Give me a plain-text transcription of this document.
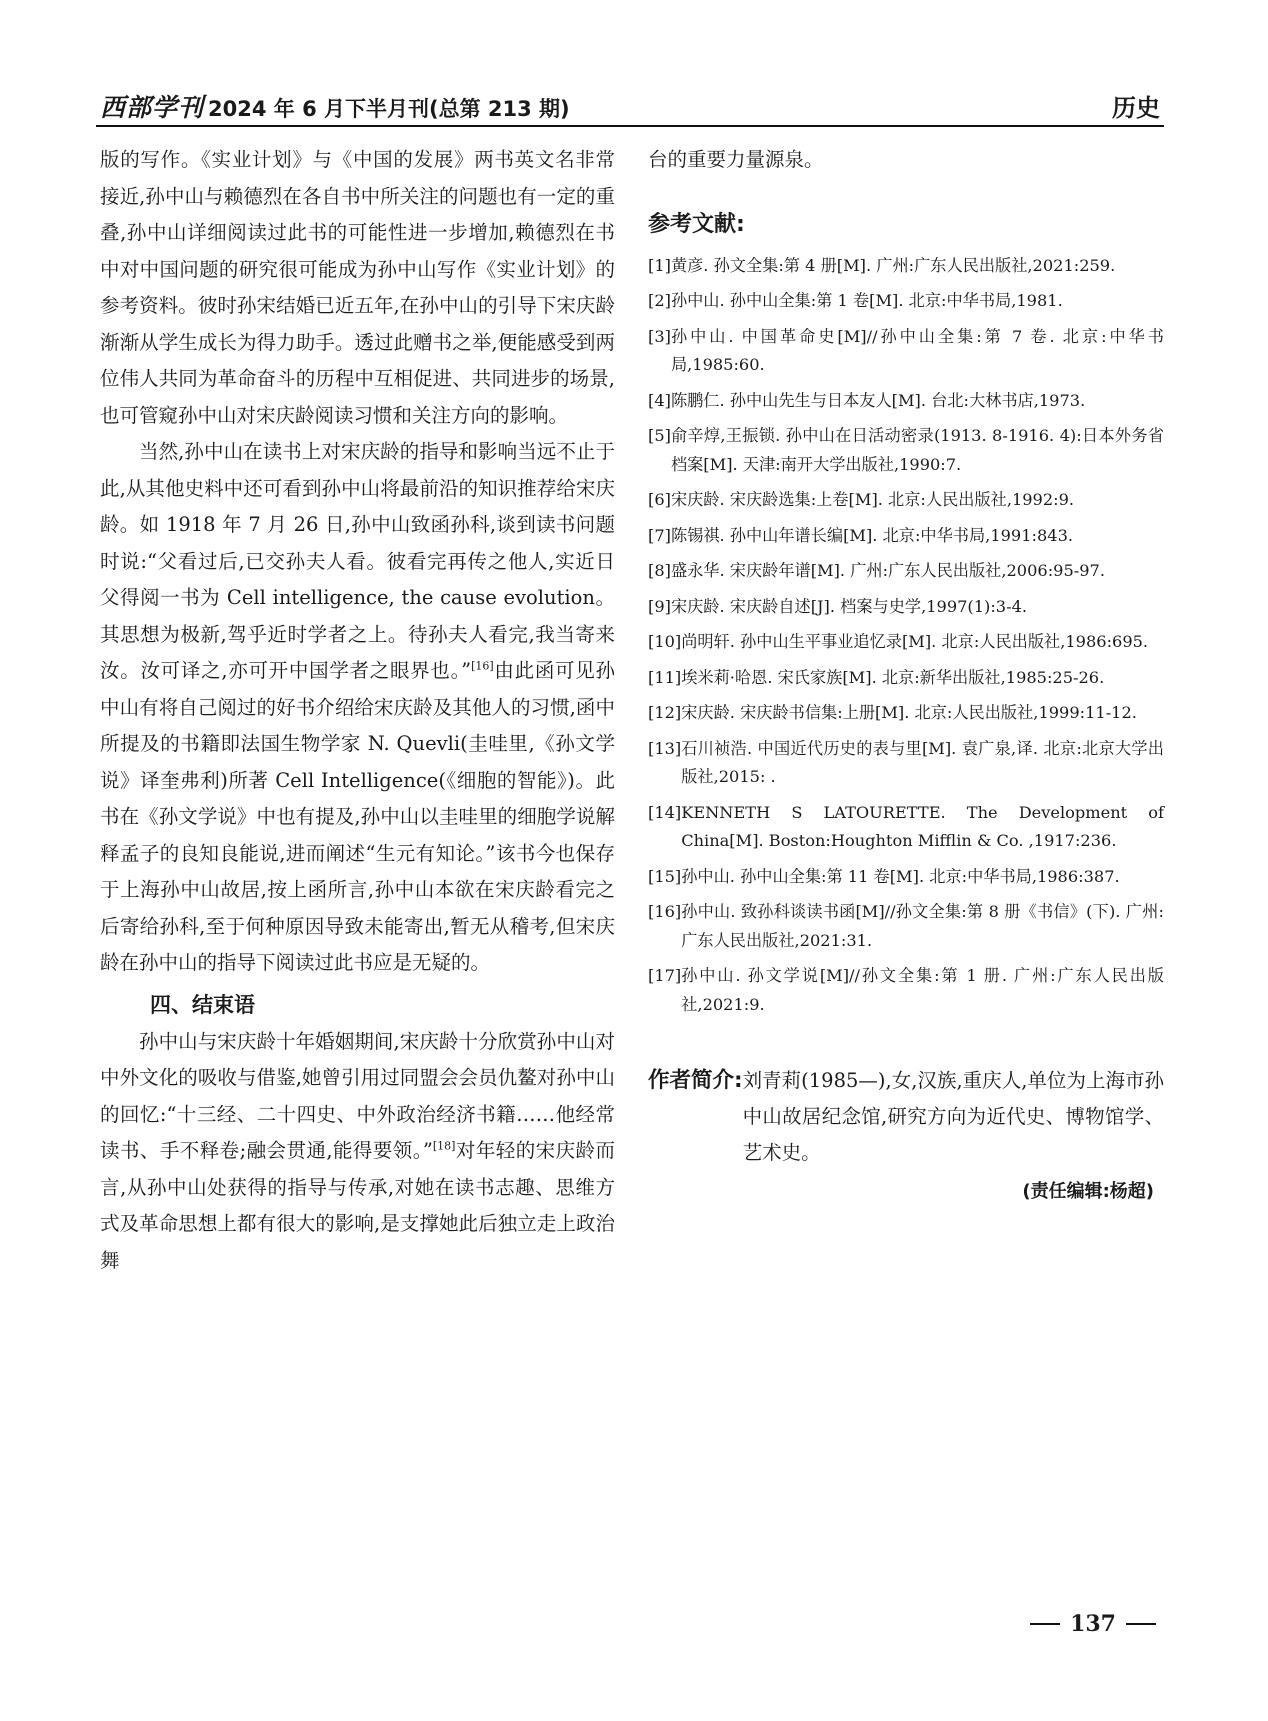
西部学刊 2024 年 6 月下半月刊(总第 213 期)	历史

版的写作。《实业计划》与《中国的发展》两书英文名非常接近,孙中山与赖德烈在各自书中所关注的问题也有一定的重叠,孙中山详细阅读过此书的可能性进一步增加,赖德烈在书中对中国问题的研究很可能成为孙中山写作《实业计划》的参考资料。彼时孙宋结婚已近五年,在孙中山的引导下宋庆龄渐渐从学生成长为得力助手。透过此赠书之举,便能感受到两位伟人共同为革命奋斗的历程中互相促进、共同进步的场景,也可管窥孙中山对宋庆龄阅读习惯和关注方向的影响。

当然,孙中山在读书上对宋庆龄的指导和影响当远不止于此,从其他史料中还可看到孙中山将最前沿的知识推荐给宋庆龄。如 1918 年 7 月 26 日,孙中山致函孙科,谈到读书问题时说:“父看过后,已交孙夫人看。彼看完再传之他人,实近日父得阅一书为 Cell intelligence, the cause evolution。其思想为极新,驾乎近时学者之上。待孙夫人看完,我当寄来汝。汝可译之,亦可开中国学者之眼界也。”[16]由此函可见孙中山有将自己阅过的好书介绍给宋庆龄及其他人的习惯,函中所提及的书籍即法国生物学家 N. Quevli(圭哇里,《孙文学说》译奎弗利)所著 Cell Intelligence(《细胞的智能》)。此书在《孙文学说》中也有提及,孙中山以圭哇里的细胞学说解释孟子的良知良能说,进而阐述“生元有知论。”该书今也保存于上海孙中山故居,按上函所言,孙中山本欲在宋庆龄看完之后寄给孙科,至于何种原因导致未能寄出,暂无从稽考,但宋庆龄在孙中山的指导下阅读过此书应是无疑的。

四、结束语

孙中山与宋庆龄十年婚姻期间,宋庆龄十分欣赏孙中山对中外文化的吸收与借鉴,她曾引用过同盟会会员仇鳌对孙中山的回忆:“十三经、二十四史、中外政治经济书籍……他经常读书、手不释卷;融会贯通,能得要领。”[18]对年轻的宋庆龄而言,从孙中山处获得的指导与传承,对她在读书志趣、思维方式及革命思想上都有很大的影响,是支撑她此后独立走上政治舞

台的重要力量源泉。

参考文献:
[1] 黄彦. 孙文全集:第 4 册[M]. 广州:广东人民出版社,2021:259.
[2] 孙中山. 孙中山全集:第 1 卷[M]. 北京:中华书局,1981.
[3] 孙中山. 中国革命史[M]//孙中山全集:第 7 卷. 北京:中华书局,1985:60.
[4] 陈鹏仁. 孙中山先生与日本友人[M]. 台北:大林书店,1973.
[5] 俞辛焞,王振锁. 孙中山在日活动密录(1913. 8-1916. 4):日本外务省档案[M]. 天津:南开大学出版社,1990:7.
[6] 宋庆龄. 宋庆龄选集:上卷[M]. 北京:人民出版社,1992:9.
[7] 陈锡祺. 孙中山年谱长编[M]. 北京:中华书局,1991:843.
[8] 盛永华. 宋庆龄年谱[M]. 广州:广东人民出版社,2006:95-97.
[9] 宋庆龄. 宋庆龄自述[J]. 档案与史学,1997(1):3-4.
[10] 尚明轩. 孙中山生平事业追忆录[M]. 北京:人民出版社,1986:695.
[11] 埃米莉·哈恩. 宋氏家族[M]. 北京:新华出版社,1985:25-26.
[12] 宋庆龄. 宋庆龄书信集:上册[M]. 北京:人民出版社,1999:11-12.
[13] 石川祯浩. 中国近代历史的表与里[M]. 袁广泉,译. 北京:北京大学出版社,2015: .
[14] KENNETH S LATOURETTE. The Development of China[M]. Boston:Houghton Mifflin & Co. ,1917:236.
[15] 孙中山. 孙中山全集:第 11 卷[M]. 北京:中华书局,1986:387.
[16] 孙中山. 致孙科谈读书函[M]//孙文全集:第 8 册《书信》(下). 广州:广东人民出版社,2021:31.
[17] 孙中山. 孙文学说[M]//孙文全集:第 1 册. 广州:广东人民出版社,2021:9.
作者简介: 刘青莉(1985—),女,汉族,重庆人,单位为上海市孙中山故居纪念馆,研究方向为近代史、博物馆学、艺术史。
(责任编辑:杨超)
137
